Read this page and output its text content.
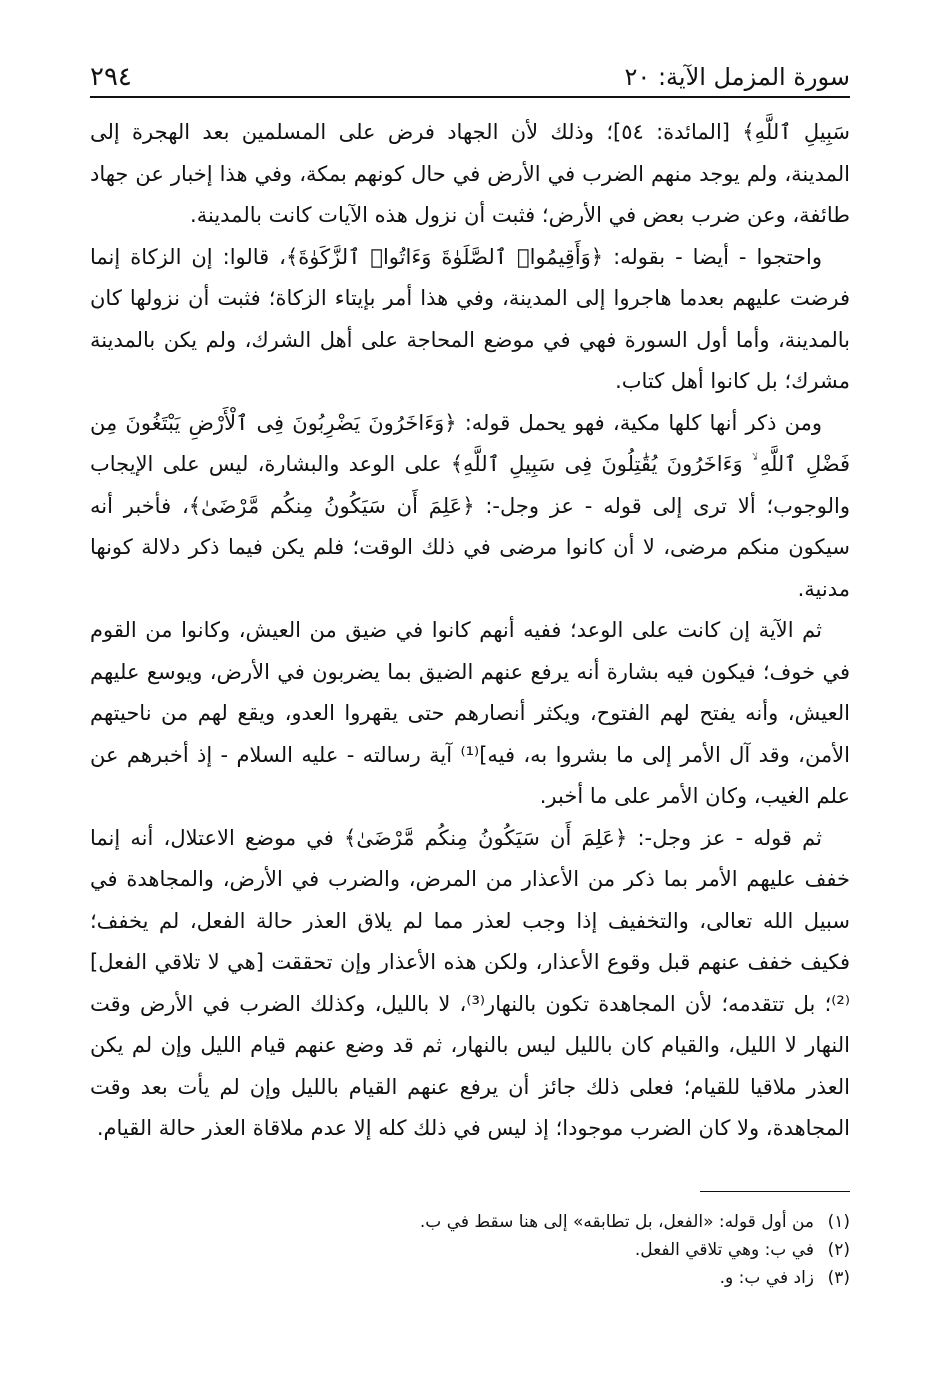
سورة المزمل الآية: ٢٠
٢٩٤

سَبِيلِ ٱللَّهِ﴾ [المائدة: ٥٤]؛ وذلك لأن الجهاد فرض على المسلمين بعد الهجرة إلى المدينة، ولم يوجد منهم الضرب في الأرض في حال كونهم بمكة، وفي هذا إخبار عن جهاد طائفة، وعن ضرب بعض في الأرض؛ فثبت أن نزول هذه الآيات كانت بالمدينة.

واحتجوا - أيضا - بقوله: ﴿وَأَقِيمُوا۟ ٱلصَّلَوٰةَ وَءَاتُوا۟ ٱلزَّكَوٰةَ﴾، قالوا: إن الزكاة إنما فرضت عليهم بعدما هاجروا إلى المدينة، وفي هذا أمر بإيتاء الزكاة؛ فثبت أن نزولها كان بالمدينة، وأما أول السورة فهي في موضع المحاجة على أهل الشرك، ولم يكن بالمدينة مشرك؛ بل كانوا أهل كتاب.

ومن ذكر أنها كلها مكية، فهو يحمل قوله: ﴿وَءَاخَرُونَ يَضْرِبُونَ فِى ٱلْأَرْضِ يَبْتَغُونَ مِن فَضْلِ ٱللَّهِ ۙ وَءَاخَرُونَ يُقَٰتِلُونَ فِى سَبِيلِ ٱللَّهِ﴾ على الوعد والبشارة، ليس على الإيجاب والوجوب؛ ألا ترى إلى قوله - عز وجل-: ﴿عَلِمَ أَن سَيَكُونُ مِنكُم مَّرْضَىٰ﴾، فأخبر أنه سيكون منكم مرضى، لا أن كانوا مرضى في ذلك الوقت؛ فلم يكن فيما ذكر دلالة كونها مدنية.

ثم الآية إن كانت على الوعد؛ ففيه أنهم كانوا في ضيق من العيش، وكانوا من القوم في خوف؛ فيكون فيه بشارة أنه يرفع عنهم الضيق بما يضربون في الأرض، ويوسع عليهم العيش، وأنه يفتح لهم الفتوح، ويكثر أنصارهم حتى يقهروا العدو، ويقع لهم من ناحيتهم الأمن، وقد آل الأمر إلى ما بشروا به، فيه]⁽¹⁾ آية رسالته - عليه السلام - إذ أخبرهم عن علم الغيب، وكان الأمر على ما أخبر.

ثم قوله - عز وجل-: ﴿عَلِمَ أَن سَيَكُونُ مِنكُم مَّرْضَىٰ﴾ في موضع الاعتلال، أنه إنما خفف عليهم الأمر بما ذكر من الأعذار من المرض، والضرب في الأرض، والمجاهدة في سبيل الله تعالى، والتخفيف إذا وجب لعذر مما لم يلاق العذر حالة الفعل، لم يخفف؛ فكيف خفف عنهم قبل وقوع الأعذار، ولكن هذه الأعذار وإن تحققت [هي لا تلاقي الفعل]⁽²⁾؛ بل تتقدمه؛ لأن المجاهدة تكون بالنهار⁽³⁾، لا بالليل، وكذلك الضرب في الأرض وقت النهار لا الليل، والقيام كان بالليل ليس بالنهار، ثم قد وضع عنهم قيام الليل وإن لم يكن العذر ملاقيا للقيام؛ فعلى ذلك جائز أن يرفع عنهم القيام بالليل وإن لم يأت بعد وقت المجاهدة، ولا كان الضرب موجودا؛ إذ ليس في ذلك كله إلا عدم ملاقاة العذر حالة القيام.

(١)
من أول قوله: «الفعل، بل تطابقه» إلى هنا سقط في ب.
(٢)
في ب: وهي تلاقي الفعل.
(٣)
زاد في ب: و.
